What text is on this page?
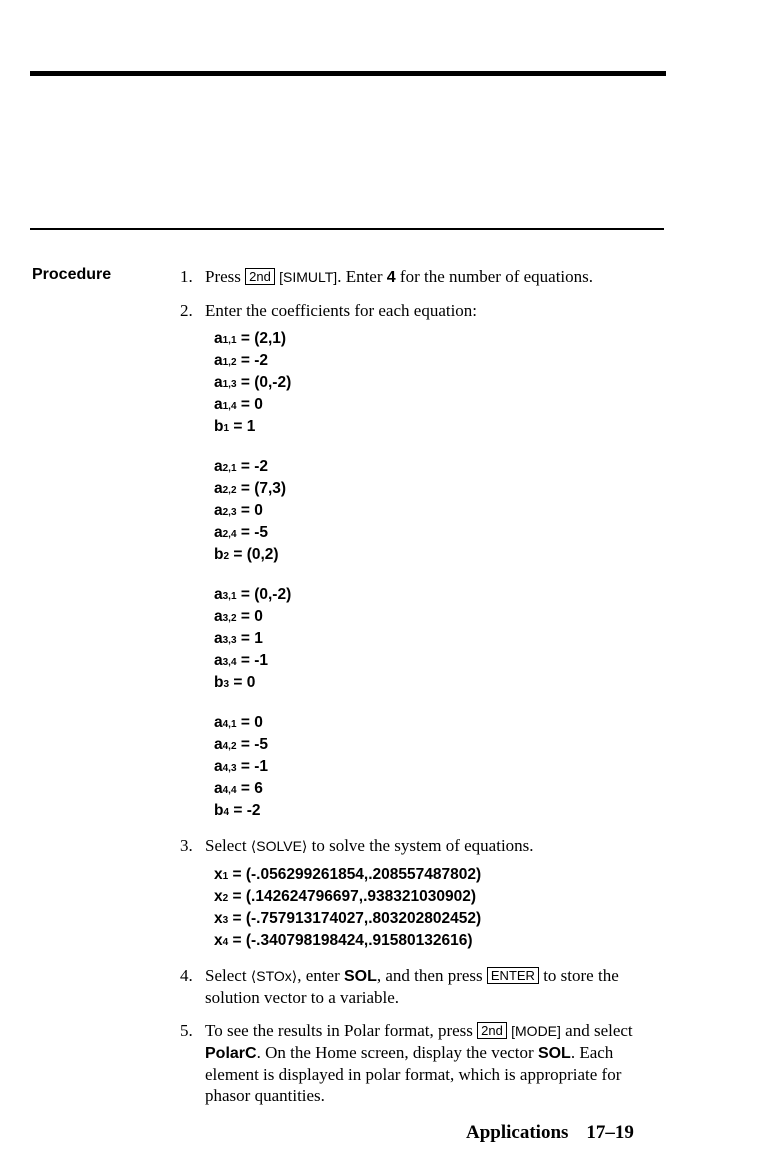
Procedure	1. Press 2nd [SIMULT]. Enter 4 for the number of equations.
2. Enter the coefficients for each equation:
a1,1 = (2,1)
a1,2 = -2
a1,3 = (0,-2)
a1,4 = 0
b1 = 1
a2,1 = -2
a2,2 = (7,3)
a2,3 = 0
a2,4 = -5
b2 = (0,2)
a3,1 = (0,-2)
a3,2 = 0
a3,3 = 1
a3,4 = -1
b3 = 0
a4,1 = 0
a4,2 = -5
a4,3 = -1
a4,4 = 6
b4 = -2
3. Select ⟨SOLVE⟩ to solve the system of equations.
x1 = (-.056299261854,.208557487802)
x2 = (.142624796697,.938321030902)
x3 = (-.757913174027,.803202802452)
x4 = (-.340798198424,.91580132616)
4. Select ⟨STOx⟩, enter SOL, and then press ENTER to store the solution vector to a variable.
5. To see the results in Polar format, press 2nd [MODE] and select PolarC. On the Home screen, display the vector SOL. Each element is displayed in polar format, which is appropriate for phasor quantities.
Applications 17–19
